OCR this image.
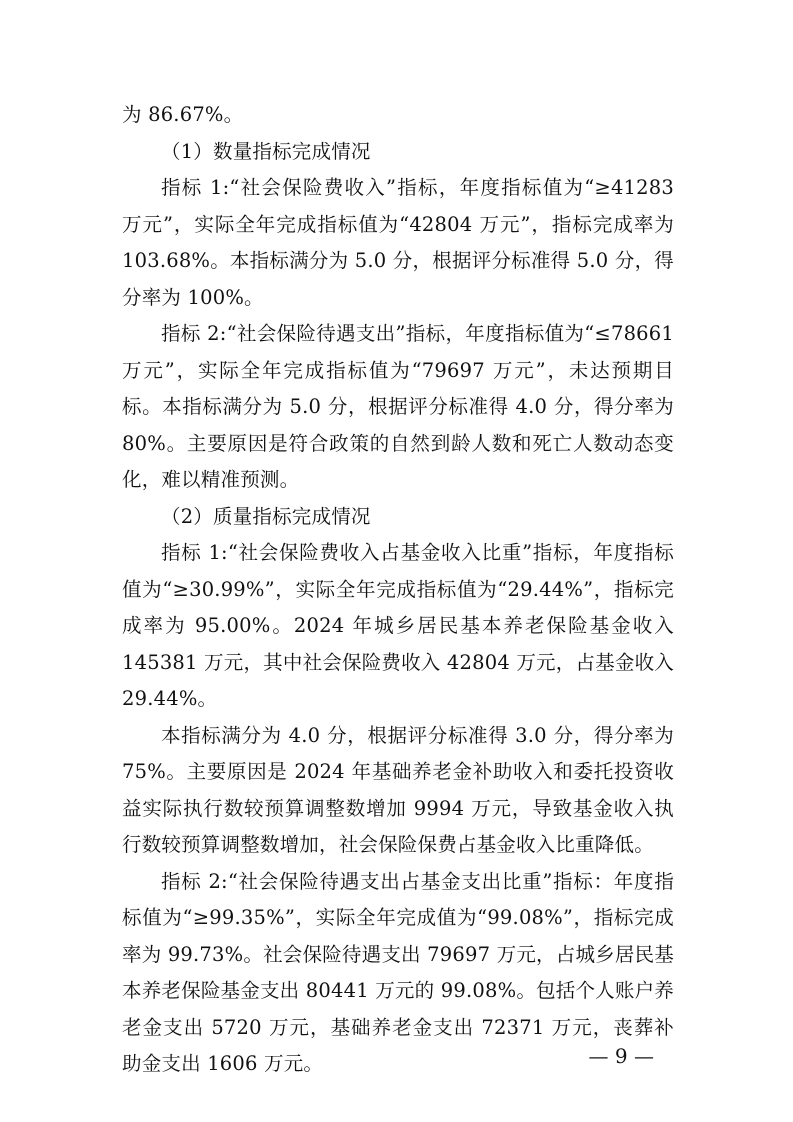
为 86.67%。

（1）数量指标完成情况

指标 1:“社会保险费收入”指标，年度指标值为“≥41283 万元”，实际全年完成指标值为“42804 万元”，指标完成率为 103.68%。本指标满分为 5.0 分，根据评分标准得 5.0 分，得分率为 100%。

指标 2:“社会保险待遇支出”指标，年度指标值为“≤78661 万元”，实际全年完成指标值为“79697 万元”，未达预期目标。本指标满分为 5.0 分，根据评分标准得 4.0 分，得分率为 80%。主要原因是符合政策的自然到龄人数和死亡人数动态变化，难以精准预测。

（2）质量指标完成情况

指标 1:“社会保险费收入占基金收入比重”指标，年度指标值为“≥30.99%”，实际全年完成指标值为“29.44%”，指标完成率为 95.00%。2024 年城乡居民基本养老保险基金收入 145381 万元，其中社会保险费收入 42804 万元，占基金收入 29.44%。

本指标满分为 4.0 分，根据评分标准得 3.0 分，得分率为 75%。主要原因是 2024 年基础养老金补助收入和委托投资收益实际执行数较预算调整数增加 9994 万元，导致基金收入执行数较预算调整数增加，社会保险保费占基金收入比重降低。

指标 2:“社会保险待遇支出占基金支出比重”指标：年度指标值为“≥99.35%”，实际全年完成值为“99.08%”，指标完成率为 99.73%。社会保险待遇支出 79697 万元，占城乡居民基本养老保险基金支出 80441 万元的 99.08%。包括个人账户养老金支出 5720 万元，基础养老金支出 72371 万元，丧葬补助金支出 1606 万元。	— 9 —
